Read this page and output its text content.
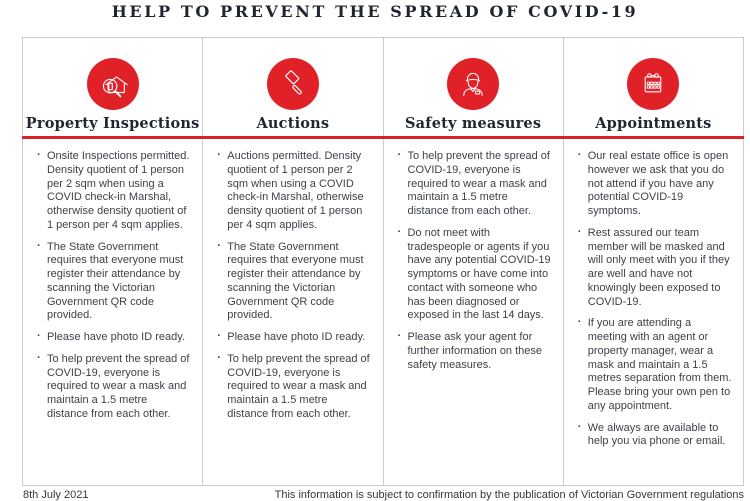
HELP TO PREVENT THE SPREAD OF COVID-19
Property Inspections
· Onsite Inspections permitted. Density quotient of 1 person per 2 sqm when using a COVID check-in Marshal, otherwise density quotient of 1 person per 4 sqm applies.
· The State Government requires that everyone must register their attendance by scanning the Victorian Government QR code provided.
· Please have photo ID ready.
· To help prevent the spread of COVID-19, everyone is required to wear a mask and maintain a 1.5 metre distance from each other.
Auctions
· Auctions permitted. Density quotient of 1 person per 2 sqm when using a COVID check-in Marshal, otherwise density quotient of 1 person per 4 sqm applies.
· The State Government requires that everyone must register their attendance by scanning the Victorian Government QR code provided.
· Please have photo ID ready.
· To help prevent the spread of COVID-19, everyone is required to wear a mask and maintain a 1.5 metre distance from each other.
Safety measures
· To help prevent the spread of COVID-19, everyone is required to wear a mask and maintain a 1.5 metre distance from each other.
· Do not meet with tradespeople or agents if you have any potential COVID-19 symptoms or have come into contact with someone who has been diagnosed or exposed in the last 14 days.
· Please ask your agent for further information on these safety measures.
Appointments
· Our real estate office is open however we ask that you do not attend if you have any potential COVID-19 symptoms.
· Rest assured our team member will be masked and will only meet with you if they are well and have not knowingly been exposed to COVID-19.
· If you are attending a meeting with an agent or property manager, wear a mask and maintain a 1.5 metres separation from them. Please bring your own pen to any appointment.
· We always are available to help you via phone or email.
8th July 2021	This information is subject to confirmation by the publication of Victorian Government regulations
